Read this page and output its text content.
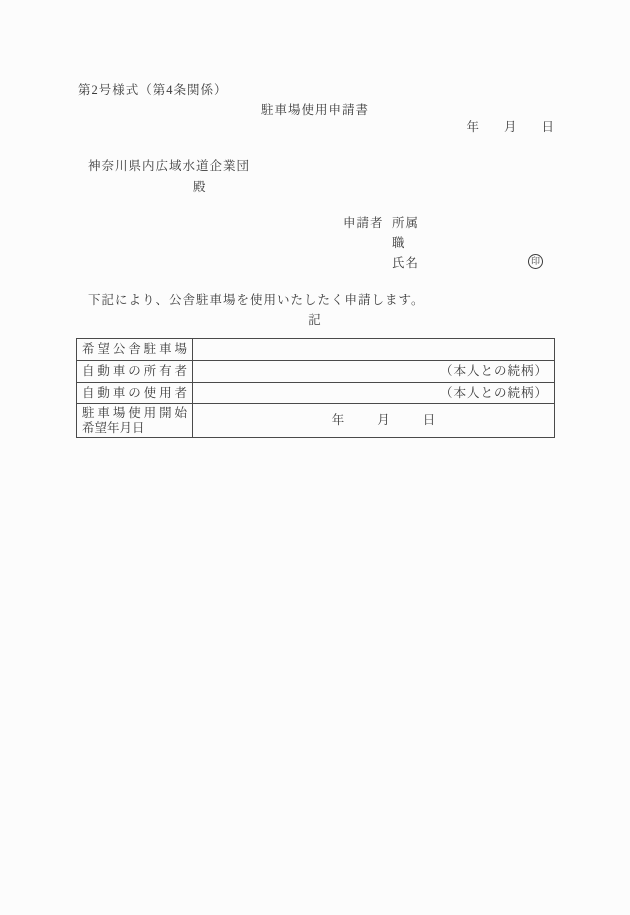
第2号様式（第4条関係）
駐車場使用申請書
年 月 日
神奈川県内広域水道企業団
殿
申請者 所属
職
氏名	印
下記により、公舎駐車場を使用いたしたく申請します。
記
希望公舎駐車場	

自動車の所有者	（本人との続柄）

自動車の使用者	（本人との続柄）

駐車場使用開始
希望年月日	年 月 日
